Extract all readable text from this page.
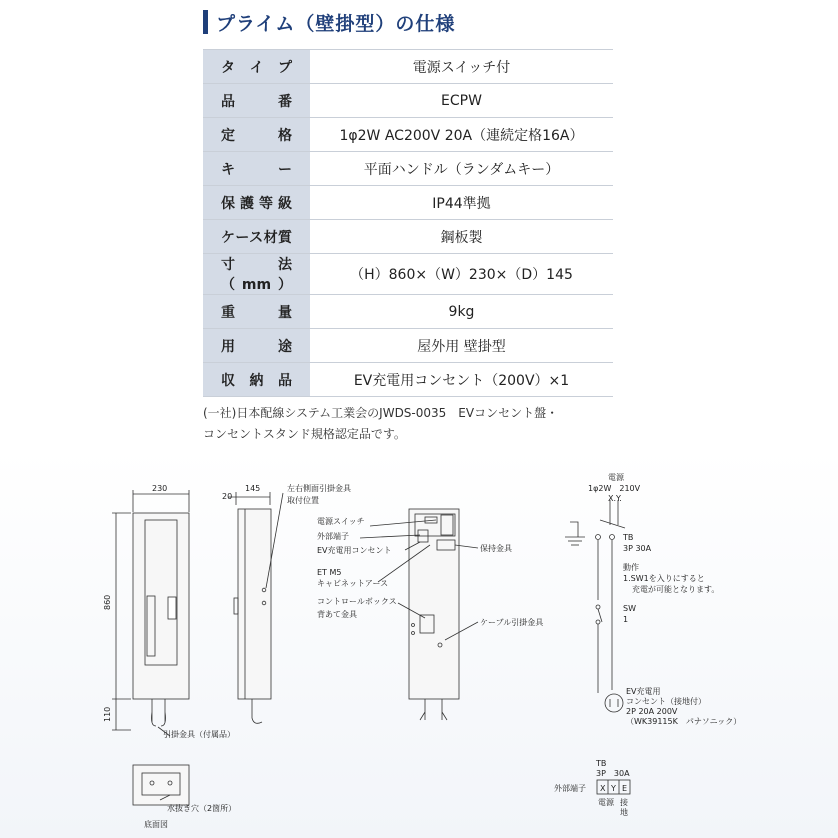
プライム（壁掛型）の仕様
タイプ	電源スイッチ付

品番	ECPW

定格	1φ2W AC200V 20A（連続定格16A）

キー	平面ハンドル（ランダムキー）

保護等級	IP44準拠

ケース材質	鋼板製

寸法（mm）	（H）860×（W）230×（D）145

重量	9kg

用途	屋外用 壁掛型

収納品	EV充電用コンセント（200V）×1
(一社)日本配線システム工業会のJWDS-0035　EVコンセント盤・
コンセントスタンド規格認定品です。
230
860
110
引掛金具（付属品）
20
145	左右側面引掛金具
取付位置
電源スイッチ
外部端子
EV充電用コンセント
ET M5
キャビネットアース
コントロールボックス
背あて金具
保持金具
ケーブル引掛金具
電源
1φ2W　210V
X.Y.
TB
3P 30A
動作
1.SW1を入りにすると
充電が可能となります。
SW
1
EV充電用
コンセント（接地付）
2P 20A 200V
（WK39115K　パナソニック）
水抜き穴（2箇所）
底面図
TB
3P　30A
外部端子 X Y E
電源 接
地
